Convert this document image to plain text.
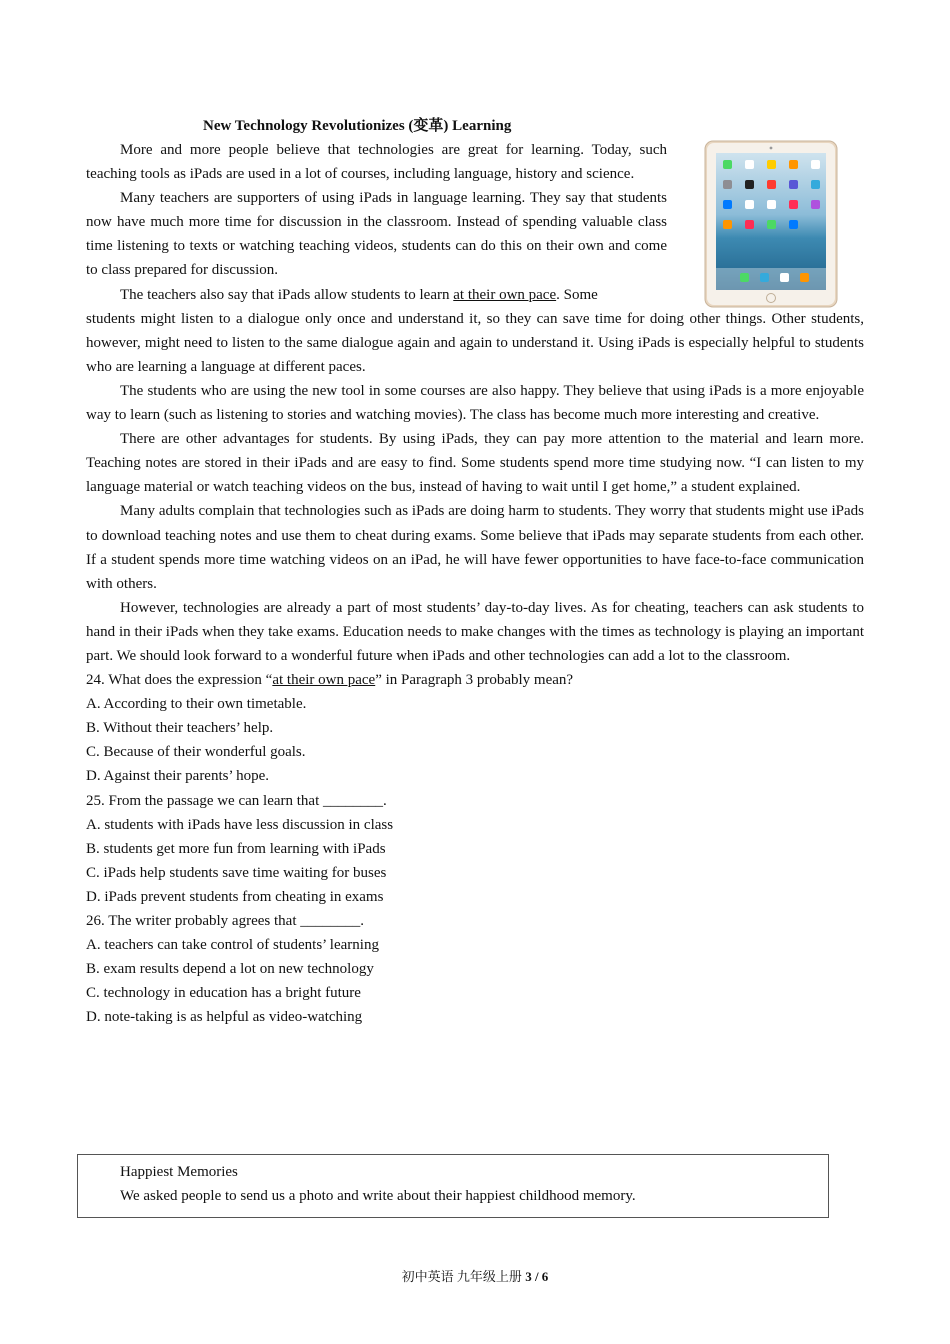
New Technology Revolutionizes (变革) Learning

More and more people believe that technologies are great for learning. Today, such teaching tools as iPads are used in a lot of courses, including language, history and science.

Many teachers are supporters of using iPads in language learning. They say that students now have much more time for discussion in the classroom. Instead of spending valuable class time listening to texts or watching teaching videos, students can do this on their own and come to class prepared for discussion.

The teachers also say that iPads allow students to learn at their own pace. Some

students might listen to a dialogue only once and understand it, so they can save time for doing other things. Other students, however, might need to listen to the same dialogue again and again to understand it. Using iPads is especially helpful to students who are learning a language at different paces.

The students who are using the new tool in some courses are also happy. They believe that using iPads is a more enjoyable way to learn (such as listening to stories and watching movies). The class has become much more interesting and creative.

There are other advantages for students. By using iPads, they can pay more attention to the material and learn more. Teaching notes are stored in their iPads and are easy to find. Some students spend more time studying now. “I can listen to my language material or watch teaching videos on the bus, instead of having to wait until I get home,” a student explained.

Many adults complain that technologies such as iPads are doing harm to students. They worry that students might use iPads to download teaching notes and use them to cheat during exams. Some believe that iPads may separate students from each other. If a student spends more time watching videos on an iPad, he will have fewer opportunities to have face-to-face communication with others.

However, technologies are already a part of most students’ day-to-day lives. As for cheating, teachers can ask students to hand in their iPads when they take exams. Education needs to make changes with the times as technology is playing an important part. We should look forward to a wonderful future when iPads and other technologies can add a lot to the classroom.

24. What does the expression “at their own pace” in Paragraph 3 probably mean?

A. According to their own timetable.

B. Without their teachers’ help.

C. Because of their wonderful goals.

D. Against their parents’ hope.

25. From the passage we can learn that ________.

A. students with iPads have less discussion in class

B. students get more fun from learning with iPads

C. iPads help students save time waiting for buses

D. iPads prevent students from cheating in exams

26. The writer probably agrees that ________.

A. teachers can take control of students’ learning

B. exam results depend a lot on new technology

C. technology in education has a bright future

D. note-taking is as helpful as video-watching

Happiest Memories
We asked people to send us a photo and write about their happiest childhood memory.
初中英语 九年级上册 3 / 6
